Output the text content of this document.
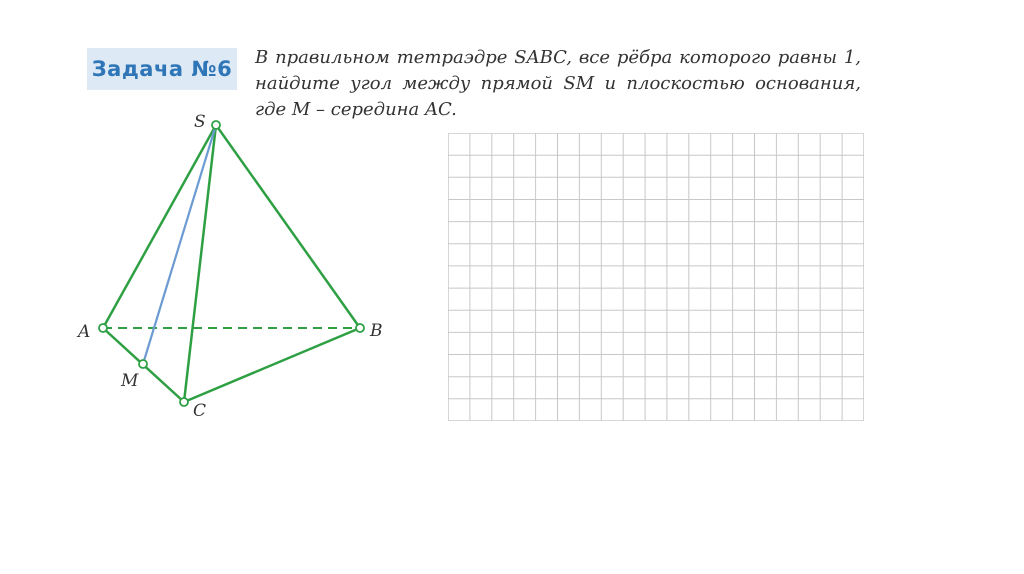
Задача №6 В правильном тетраэдре SABC, все рёбра которого равны 1, найдите угол между прямой SM и плоскостью основания, где M – середина AC.

S
A	B
C
M
